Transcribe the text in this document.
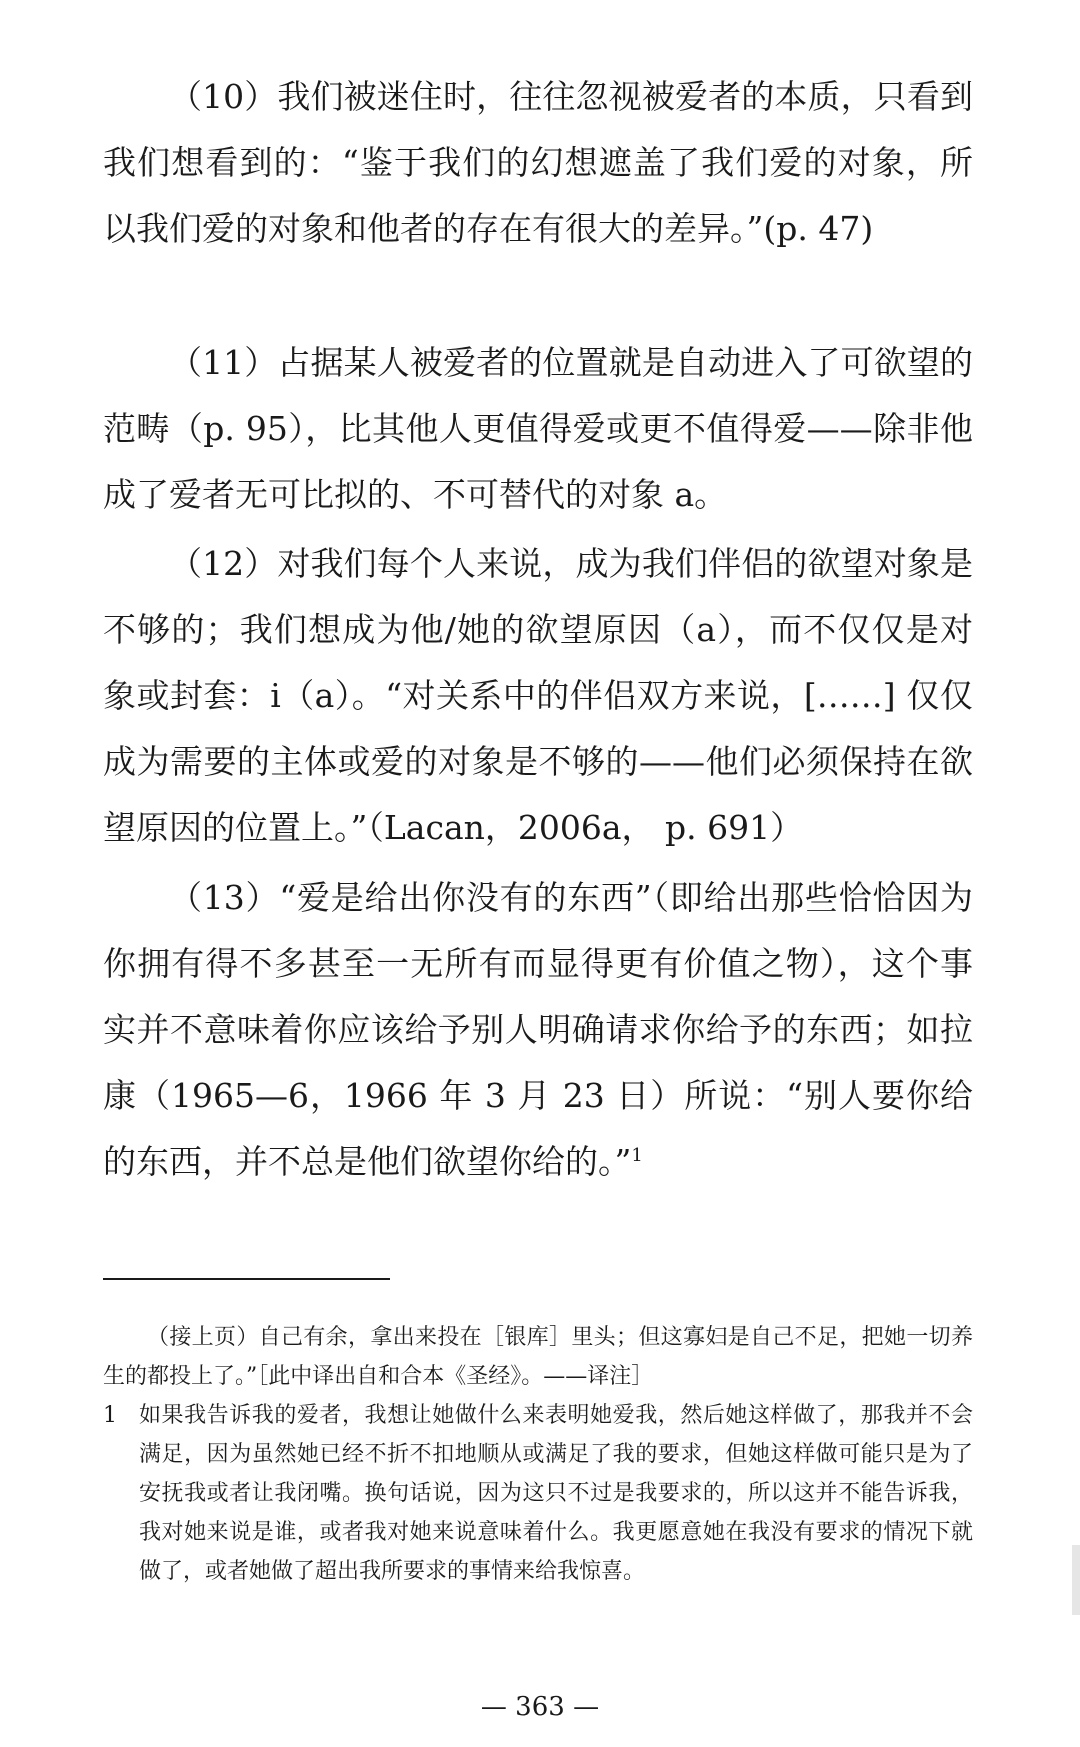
（10）我们被迷住时，往往忽视被爱者的本质，只看到我们想看到的：“鉴于我们的幻想遮盖了我们爱的对象，所以我们爱的对象和他者的存在有很大的差异。”(p. 47)

（11）占据某人被爱者的位置就是自动进入了可欲望的范畴（p. 95），比其他人更值得爱或更不值得爱——除非他成了爱者无可比拟的、不可替代的对象 a。

（12）对我们每个人来说，成为我们伴侣的欲望对象是不够的；我们想成为他/她的欲望原因（a），而不仅仅是对象或封套：i（a）。“对关系中的伴侣双方来说，[……] 仅仅成为需要的主体或爱的对象是不够的——他们必须保持在欲望原因的位置上。”（Lacan，2006a， p. 691）

（13）“爱是给出你没有的东西”（即给出那些恰恰因为你拥有得不多甚至一无所有而显得更有价值之物），这个事实并不意味着你应该给予别人明确请求你给予的东西；如拉康（1965—6，1966 年 3 月 23 日）所说：“别人要你给的东西，并不总是他们欲望你给的。”$^1$

（接上页）自己有余，拿出来投在［银库］里头；但这寡妇是自己不足，把她一切养生的都投上了。”［此中译出自和合本《圣经》。——译注］

1 如果我告诉我的爱者，我想让她做什么来表明她爱我，然后她这样做了，那我并不会满足，因为虽然她已经不折不扣地顺从或满足了我的要求，但她这样做可能只是为了安抚我或者让我闭嘴。换句话说，因为这只不过是我要求的，所以这并不能告诉我，我对她来说是谁，或者我对她来说意味着什么。我更愿意她在我没有要求的情况下就做了，或者她做了超出我所要求的事情来给我惊喜。

— 363 —
